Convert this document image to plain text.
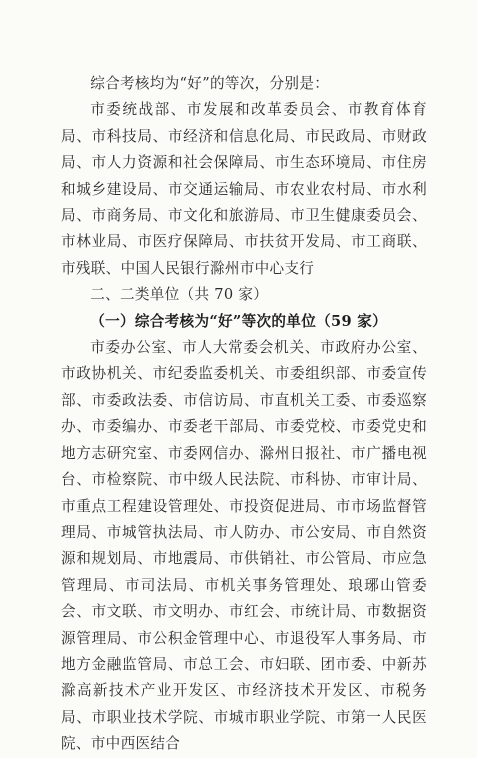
综合考核均为“好”的等次，分别是：

市委统战部、市发展和改革委员会、市教育体育局、市科技局、市经济和信息化局、市民政局、市财政局、市人力资源和社会保障局、市生态环境局、市住房和城乡建设局、市交通运输局、市农业农村局、市水利局、市商务局、市文化和旅游局、市卫生健康委员会、市林业局、市医疗保障局、市扶贫开发局、市工商联、市残联、中国人民银行滁州市中心支行

二、二类单位（共 70 家）

（一）综合考核为“好”等次的单位（59 家）

市委办公室、市人大常委会机关、市政府办公室、市政协机关、市纪委监委机关、市委组织部、市委宣传部、市委政法委、市信访局、市直机关工委、市委巡察办、市委编办、市委老干部局、市委党校、市委党史和地方志研究室、市委网信办、滁州日报社、市广播电视台、市检察院、市中级人民法院、市科协、市审计局、市重点工程建设管理处、市投资促进局、市市场监督管理局、市城管执法局、市人防办、市公安局、市自然资源和规划局、市地震局、市供销社、市公管局、市应急管理局、市司法局、市机关事务管理处、琅琊山管委会、市文联、市文明办、市红会、市统计局、市数据资源管理局、市公积金管理中心、市退役军人事务局、市地方金融监管局、市总工会、市妇联、团市委、中新苏滁高新技术产业开发区、市经济技术开发区、市税务局、市职业技术学院、市城市职业学院、市第一人民医院、市中西医结合
